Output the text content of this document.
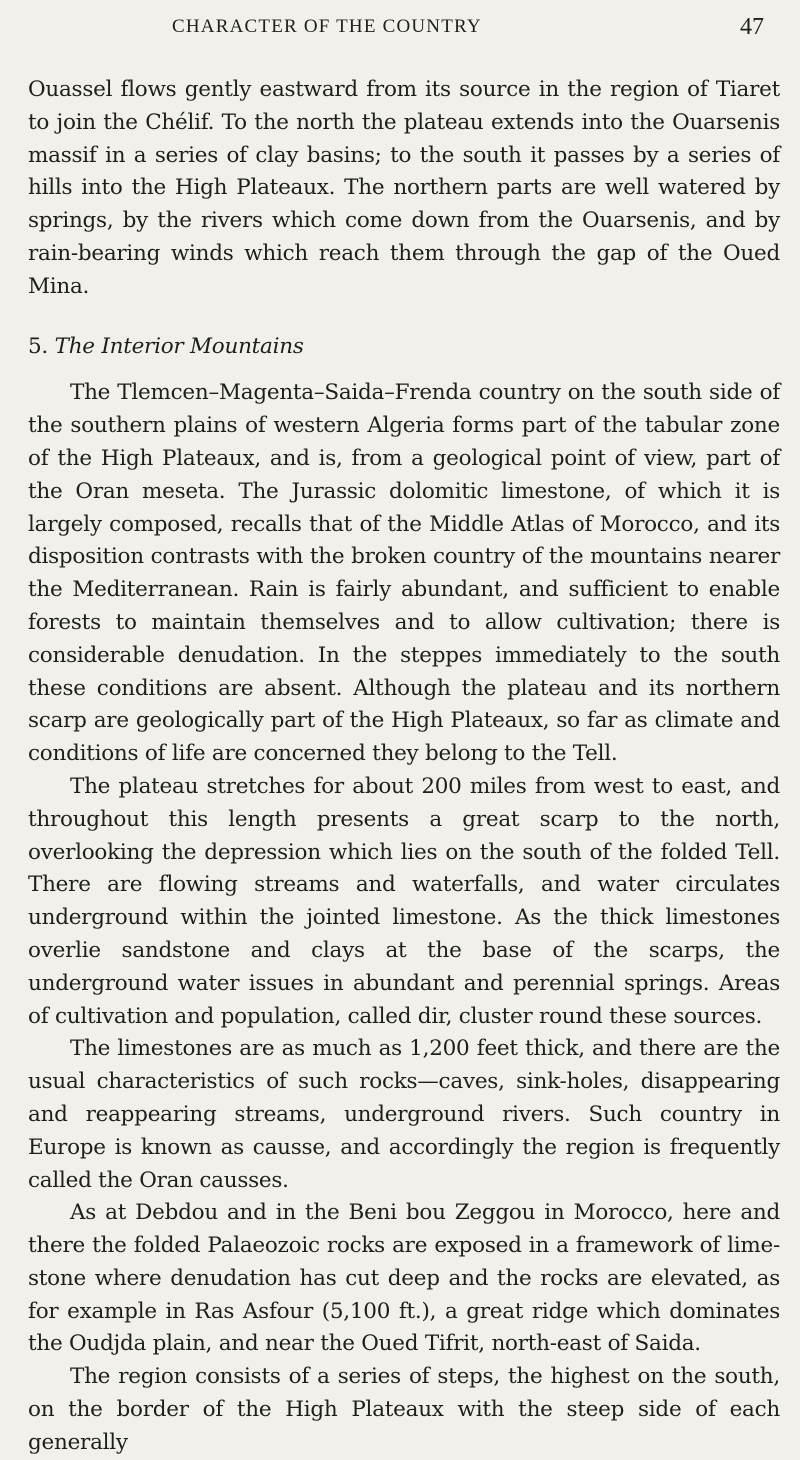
CHARACTER OF THE COUNTRY	47

Ouassel flows gently eastward from its source in the region of Tiaret to join the Chélif. To the north the plateau extends into the Ouarsenis massif in a series of clay basins; to the south it passes by a series of hills into the High Plateaux. The northern parts are well watered by springs, by the rivers which come down from the Ouarsenis, and by rain-bearing winds which reach them through the gap of the Oued Mina.

5. The Interior Mountains

The Tlemcen–Magenta–Saida–Frenda country on the south side of the southern plains of western Algeria forms part of the tabular zone of the High Plateaux, and is, from a geological point of view, part of the Oran meseta. The Jurassic dolomitic limestone, of which it is largely composed, recalls that of the Middle Atlas of Morocco, and its disposition contrasts with the broken country of the mountains nearer the Mediterranean. Rain is fairly abundant, and sufficient to enable forests to maintain themselves and to allow cultivation; there is considerable denudation. In the steppes immediately to the south these conditions are absent. Although the plateau and its northern scarp are geologically part of the High Plateaux, so far as climate and conditions of life are concerned they belong to the Tell.

The plateau stretches for about 200 miles from west to east, and throughout this length presents a great scarp to the north, overlooking the depression which lies on the south of the folded Tell. There are flowing streams and waterfalls, and water circulates underground within the jointed limestone. As the thick limestones overlie sandstone and clays at the base of the scarps, the underground water issues in abundant and perennial springs. Areas of cultivation and population, called dir, cluster round these sources.

The limestones are as much as 1,200 feet thick, and there are the usual characteristics of such rocks—caves, sink-holes, disappearing and reappearing streams, underground rivers. Such country in Europe is known as causse, and accordingly the region is frequently called the Oran causses.

As at Debdou and in the Beni bou Zeggou in Morocco, here and there the folded Palaeozoic rocks are exposed in a framework of lime-stone where denudation has cut deep and the rocks are elevated, as for example in Ras Asfour (5,100 ft.), a great ridge which dominates the Oudjda plain, and near the Oued Tifrit, north-east of Saida.

The region consists of a series of steps, the highest on the south, on the border of the High Plateaux with the steep side of each generally
